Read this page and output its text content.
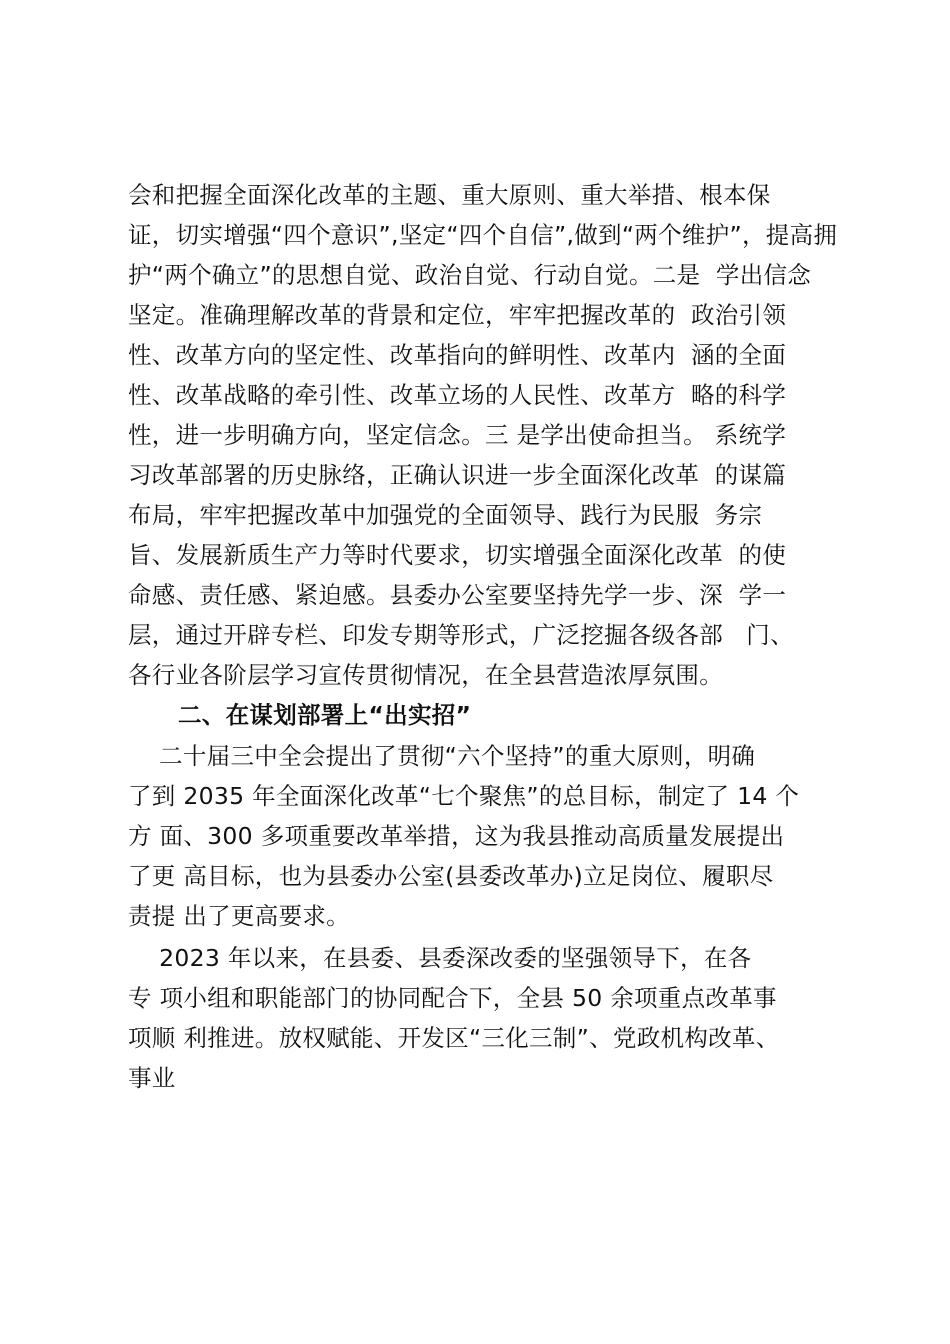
会和把握全面深化改革的主题、重大原则、重大举措、根本保
证，切实增强“四个意识”,坚定“四个自信”,做到“两个维护”，提高拥
护“两个确立”的思想自觉、政治自觉、行动自觉。二是  学出信念
坚定。准确理解改革的背景和定位，牢牢把握改革的  政治引领
性、改革方向的坚定性、改革指向的鲜明性、改革内  涵的全面
性、改革战略的牵引性、改革立场的人民性、改革方  略的科学
性，进一步明确方向，坚定信念。三 是学出使命担当。 系统学
习改革部署的历史脉络，正确认识进一步全面深化改革  的谋篇
布局，牢牢把握改革中加强党的全面领导、践行为民服  务宗
旨、发展新质生产力等时代要求，切实增强全面深化改革  的使
命感、责任感、紧迫感。县委办公室要坚持先学一步、深  学一
层，通过开辟专栏、印发专期等形式，广泛挖掘各级各部   门、
各行业各阶层学习宣传贯彻情况，在全县营造浓厚氛围。
二、在谋划部署上“出实招”
二十届三中全会提出了贯彻“六个坚持”的重大原则，明确
了到 2035 年全面深化改革“七个聚焦”的总目标，制定了 14 个
方 面、300 多项重要改革举措，这为我县推动高质量发展提出
了更 高目标，也为县委办公室(县委改革办)立足岗位、履职尽
责提 出了更高要求。
2023 年以来，在县委、县委深改委的坚强领导下，在各
专 项小组和职能部门的协同配合下，全县 50 余项重点改革事
项顺 利推进。放权赋能、开发区“三化三制”、党政机构改革、
事业
